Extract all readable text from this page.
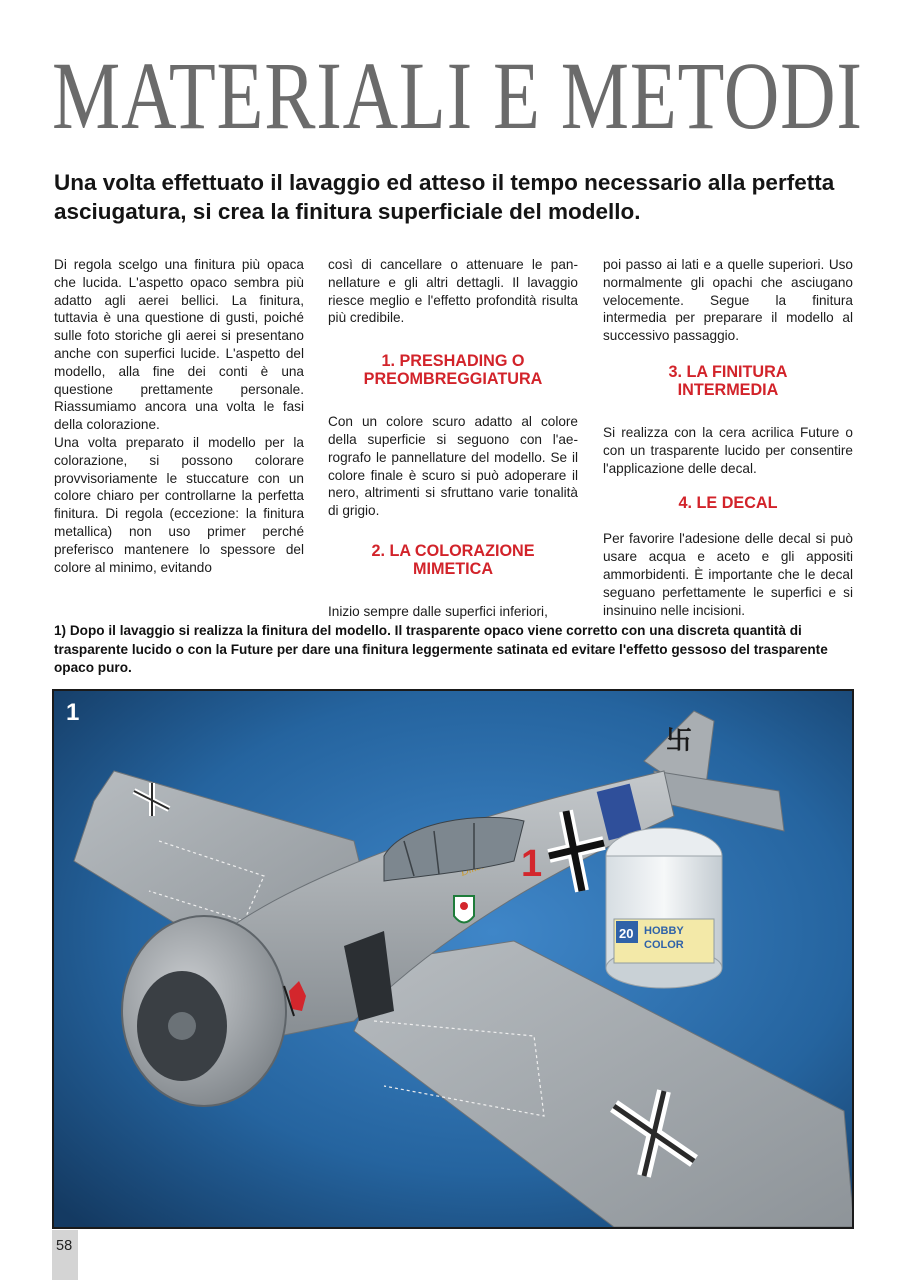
MATERIALI E METODI
Una volta effettuato il lavaggio ed atteso il tempo necessario alla perfetta asciugatura, si crea la finitura superficiale del modello.

Di regola scelgo una finitura più opaca che lucida. L'aspetto opaco sembra più adatto agli aerei bellici. La finitura, tuttavia è una questione di gusti, poiché sulle foto storiche gli aerei si presentano anche con superfici lucide. L'aspetto del modello, alla fine dei conti è una questione prettamente personale. Riassumiamo ancora una volta le fasi della colorazione.

Una volta preparato il modello per la colorazione, si possono colorare provvisoriamente le stuccature con un colore chiaro per controllarne la perfetta finitura. Di regola (eccezione: la finitura metallica) non uso primer perché preferisco mantenere lo spessore del colore al minimo, evitando

così di cancellare o attenuare le pannellature e gli altri dettagli. Il lavaggio riesce meglio e l'effetto profondità risulta più credibile.

1. PRESHADING O PREOMBREGGIATURA

Con un colore scuro adatto al colore della superficie si seguono con l'aerografo le pannellature del modello. Se il colore finale è scuro si può adoperare il nero, altrimenti si sfruttano varie tonalità di grigio.

2. LA COLORAZIONE MIMETICA

Inizio sempre dalle superfici inferiori,

poi passo ai lati e a quelle superiori. Uso normalmente gli opachi che asciugano velocemente. Segue la finitura intermedia per preparare il modello al successivo passaggio.

3. LA FINITURA INTERMEDIA

Si realizza con la cera acrilica Future o con un trasparente lucido per consentire l'applicazione delle decal.

4. LE DECAL

Per favorire l'adesione delle decal si può usare acqua e aceto e gli appositi ammorbidenti. È importante che le decal seguano perfettamente le superfici e si insinuino nelle incisioni.

1) Dopo il lavaggio si realizza la finitura del modello. Il trasparente opaco viene corretto con una discreta quantità di trasparente lucido o con la Future per dare una finitura leggermente satinata ed evitare l'effetto gessoso del trasparente opaco puro.
卐
1
20 HOBBY
COLOR
1
58
